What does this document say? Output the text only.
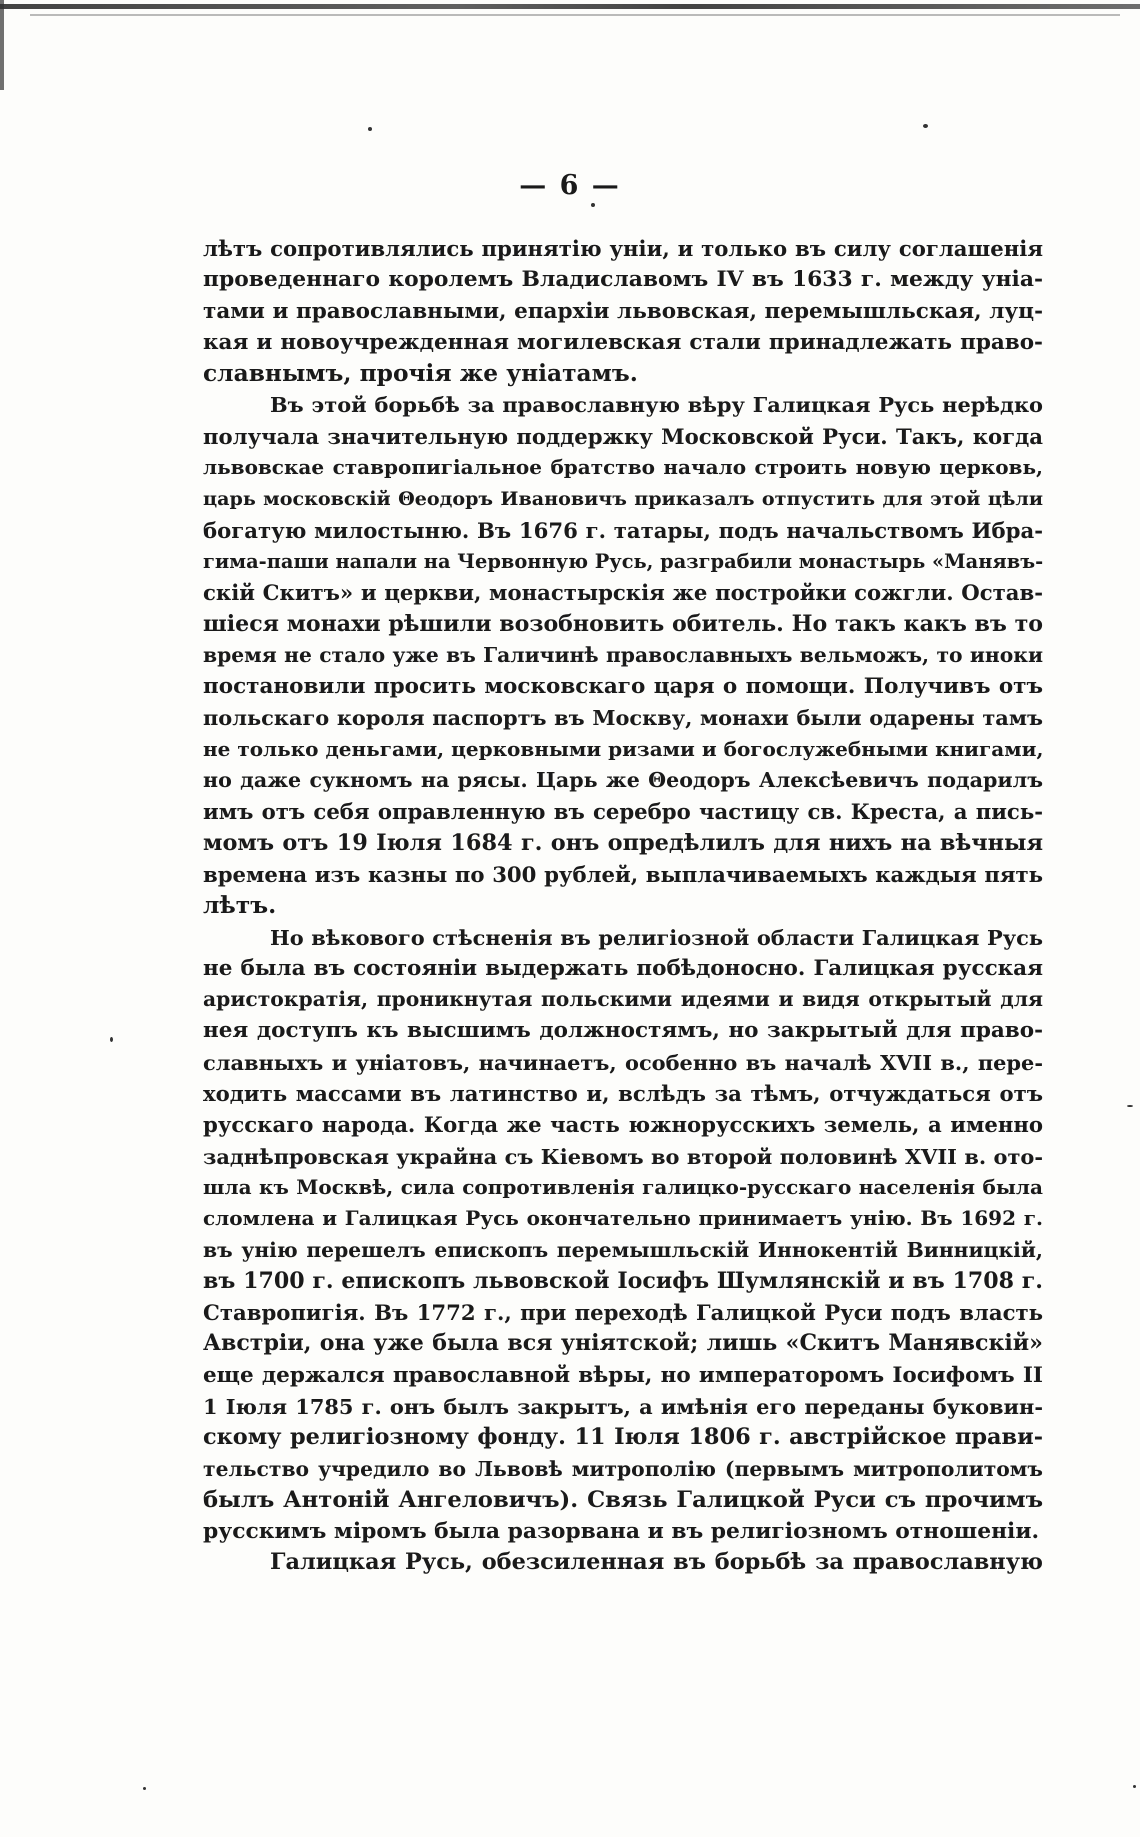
— 6 —
лѣтъ сопротивлялись принятію уніи, и только въ силу соглашенія
проведеннаго королемъ Владиславомъ IV въ 1633 г. между уніа-
тами и православными, епархіи львовская, перемышльская, луц-
кая и новоучрежденная могилевская стали принадлежать право-
славнымъ, прочія же уніатамъ.
Въ этой борьбѣ за православную вѣру Галицкая Русь нерѣдко
получала значительную поддержку Московской Руси. Такъ, когда
львовскае ставропигіальное братство начало строить новую церковь,
царь московскій Θеодоръ Ивановичъ приказалъ отпустить для этой цѣли
богатую милостыню. Въ 1676 г. татары, подъ начальствомъ Ибра-
гима-паши напали на Червонную Русь, разграбили монастырь «Манявъ-
скій Скитъ» и церкви, монастырскія же постройки сожгли. Остав-
шіеся монахи рѣшили возобновить обитель. Но такъ какъ въ то
время не стало уже въ Галичинѣ православныхъ вельможъ, то иноки
постановили просить московскаго царя о помощи. Получивъ отъ
польскаго короля паспортъ въ Москву, монахи были одарены тамъ
не только деньгами, церковными ризами и богослужебными книгами,
но даже сукномъ на рясы. Царь же Θеодоръ Алексѣевичъ подарилъ
имъ отъ себя оправленную въ серебро частицу св. Креста, а пись-
момъ отъ 19 Іюля 1684 г. онъ опредѣлилъ для нихъ на вѣчныя
времена изъ казны по 300 рублей, выплачиваемыхъ каждыя пять
лѣтъ.
Но вѣкового стѣсненія въ религіозной области Галицкая Русь
не была въ состояніи выдержать побѣдоносно. Галицкая русская
аристократія, проникнутая польскими идеями и видя открытый для
нея доступъ къ высшимъ должностямъ, но закрытый для право-
славныхъ и уніатовъ, начинаетъ, особенно въ началѣ XVII в., пере-
ходить массами въ латинство и, вслѣдъ за тѣмъ, отчуждаться отъ
русскаго народа. Когда же часть южнорусскихъ земель, а именно
заднѣпровская украйна съ Кіевомъ во второй половинѣ XVII в. ото-
шла къ Москвѣ, сила сопротивленія галицко-русскаго населенія была
сломлена и Галицкая Русь окончательно принимаетъ унію. Въ 1692 г.
въ унію перешелъ епископъ перемышльскій Иннокентій Винницкій,
въ 1700 г. епископъ львовской Іосифъ Шумлянскій и въ 1708 г.
Ставропигія. Въ 1772 г., при переходѣ Галицкой Руси подъ власть
Австріи, она уже была вся уніятской; лишь «Скитъ Манявскій»
еще держался православной вѣры, но императоромъ Іосифомъ II
1 Іюля 1785 г. онъ былъ закрытъ, а имѣнія его переданы буковин-
скому религіозному фонду. 11 Іюля 1806 г. австрійское прави-
тельство учредило во Львовѣ митрополію (первымъ митрополитомъ
былъ Антоній Ангеловичъ). Связь Галицкой Руси съ прочимъ
русскимъ міромъ была разорвана и въ религіозномъ отношеніи.
Галицкая Русь, обезсиленная въ борьбѣ за православную
